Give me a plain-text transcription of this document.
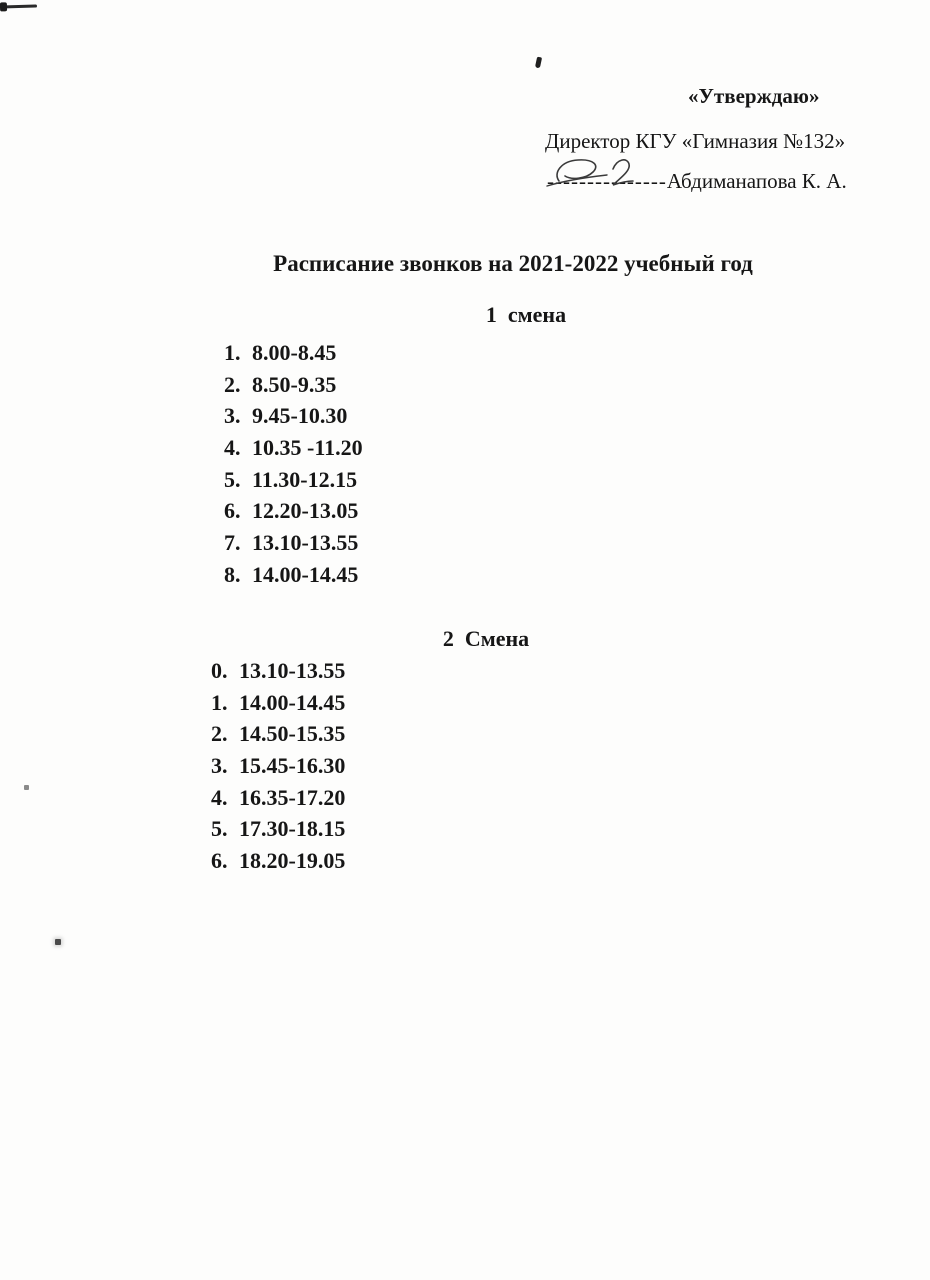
«Утверждаю»
Директор КГУ «Гимназия №132»
---------------Абдиманапова К. А.
Расписание звонков на 2021-2022 учебный год
1  смена
1. 8.00-8.45
2. 8.50-9.35
3. 9.45-10.30
4. 10.35 -11.20
5. 11.30-12.15
6. 12.20-13.05
7. 13.10-13.55
8. 14.00-14.45
2  Смена
0. 13.10-13.55
1. 14.00-14.45
2. 14.50-15.35
3. 15.45-16.30
4. 16.35-17.20
5. 17.30-18.15
6. 18.20-19.05
